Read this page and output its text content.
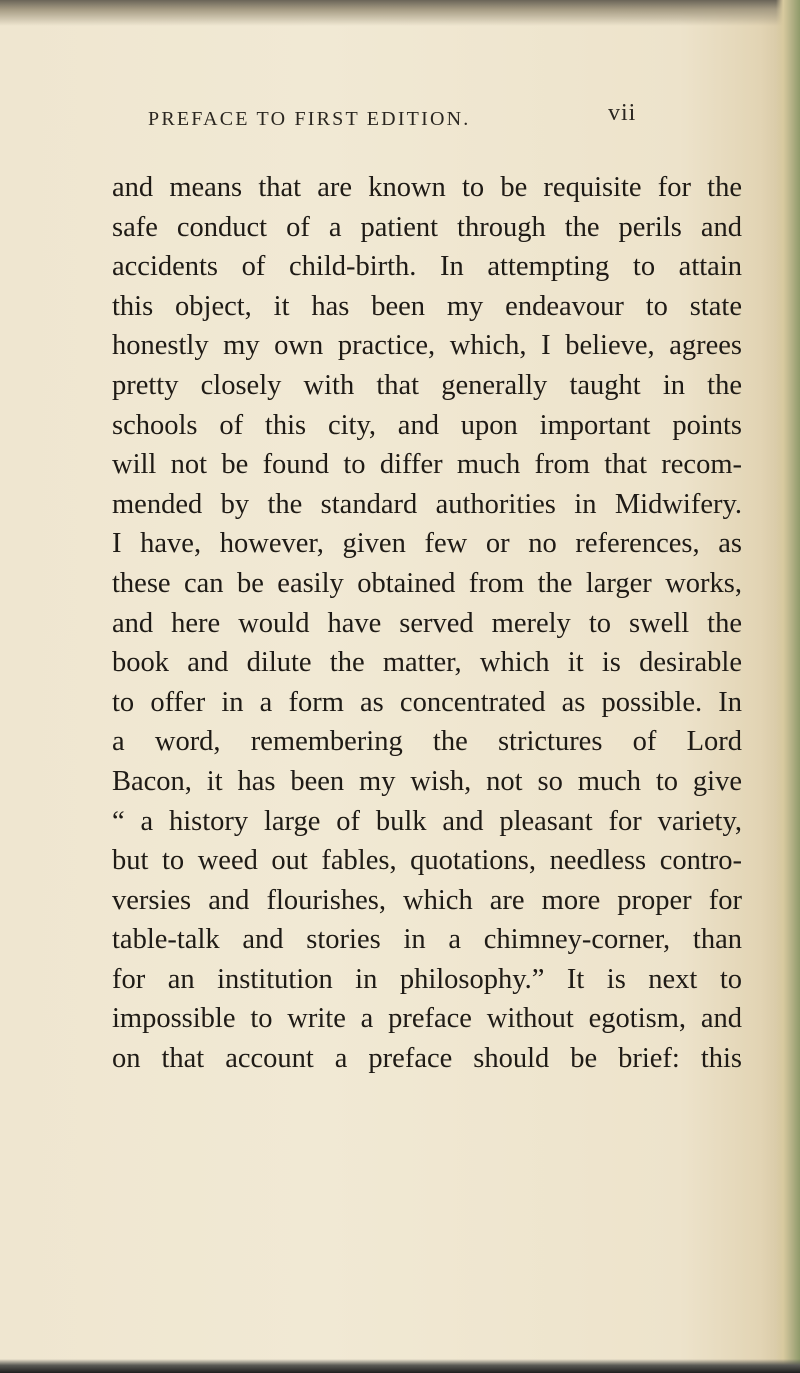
PREFACE TO FIRST EDITION.	vii
and means that are known to be requisite for the
safe conduct of a patient through the perils and
accidents of child-birth. In attempting to attain
this object, it has been my endeavour to state
honestly my own practice, which, I believe, agrees
pretty closely with that generally taught in the
schools of this city, and upon important points
will not be found to differ much from that recom-
mended by the standard authorities in Midwifery.
I have, however, given few or no references, as
these can be easily obtained from the larger works,
and here would have served merely to swell the
book and dilute the matter, which it is desirable
to offer in a form as concentrated as possible. In
a word, remembering the strictures of Lord
Bacon, it has been my wish, not so much to give
“ a history large of bulk and pleasant for variety,
but to weed out fables, quotations, needless contro-
versies and flourishes, which are more proper for
table-talk and stories in a chimney-corner, than
for an institution in philosophy.” It is next to
impossible to write a preface without egotism, and
on that account a preface should be brief: this
